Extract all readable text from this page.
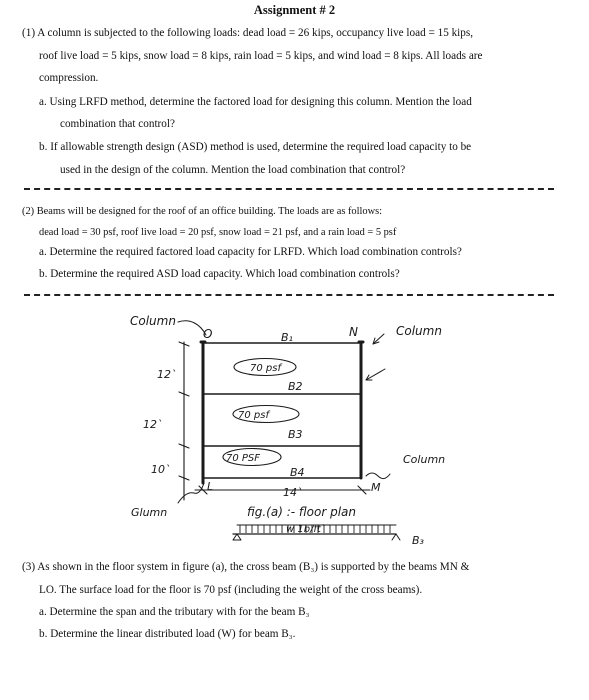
Assignment # 2
(1) A column is subjected to the following loads: dead load = 26 kips, occupancy live load = 15 kips,
roof live load = 5 kips, snow load = 8 kips, rain load = 5 kips, and wind load = 8 kips. All loads are
compression.
a. Using LRFD method, determine the factored load for designing this column. Mention the load
combination that control?
b. If allowable strength design (ASD) method is used, determine the required load capacity to be
used in the design of the column. Mention the load combination that control?
(2) Beams will be designed for the roof of an office building. The loads are as follows:
dead load = 30 psf, roof live load = 20 psf, snow load = 21 psf, and a rain load = 5 psf
a. Determine the required factored load capacity for LRFD. Which load combination controls?
b. Determine the required ASD load capacity. Which load combination controls?
Column
O	N	Column
B₁
70 psf
B2
70 psf
B3
70 PSF
B4
12`
12`
10`
14`
L	M
Column
Glumn	fig.(a) :- floor plan
w 1b/ft`
B₃
(3) As shown in the floor system in figure (a), the cross beam (B₃) is supported by the beams MN &
LO. The surface load for the floor is 70 psf (including the weight of the cross beams).
a. Determine the span and the tributary with for the beam B₃
b. Determine the linear distributed load (W) for beam B₃.
